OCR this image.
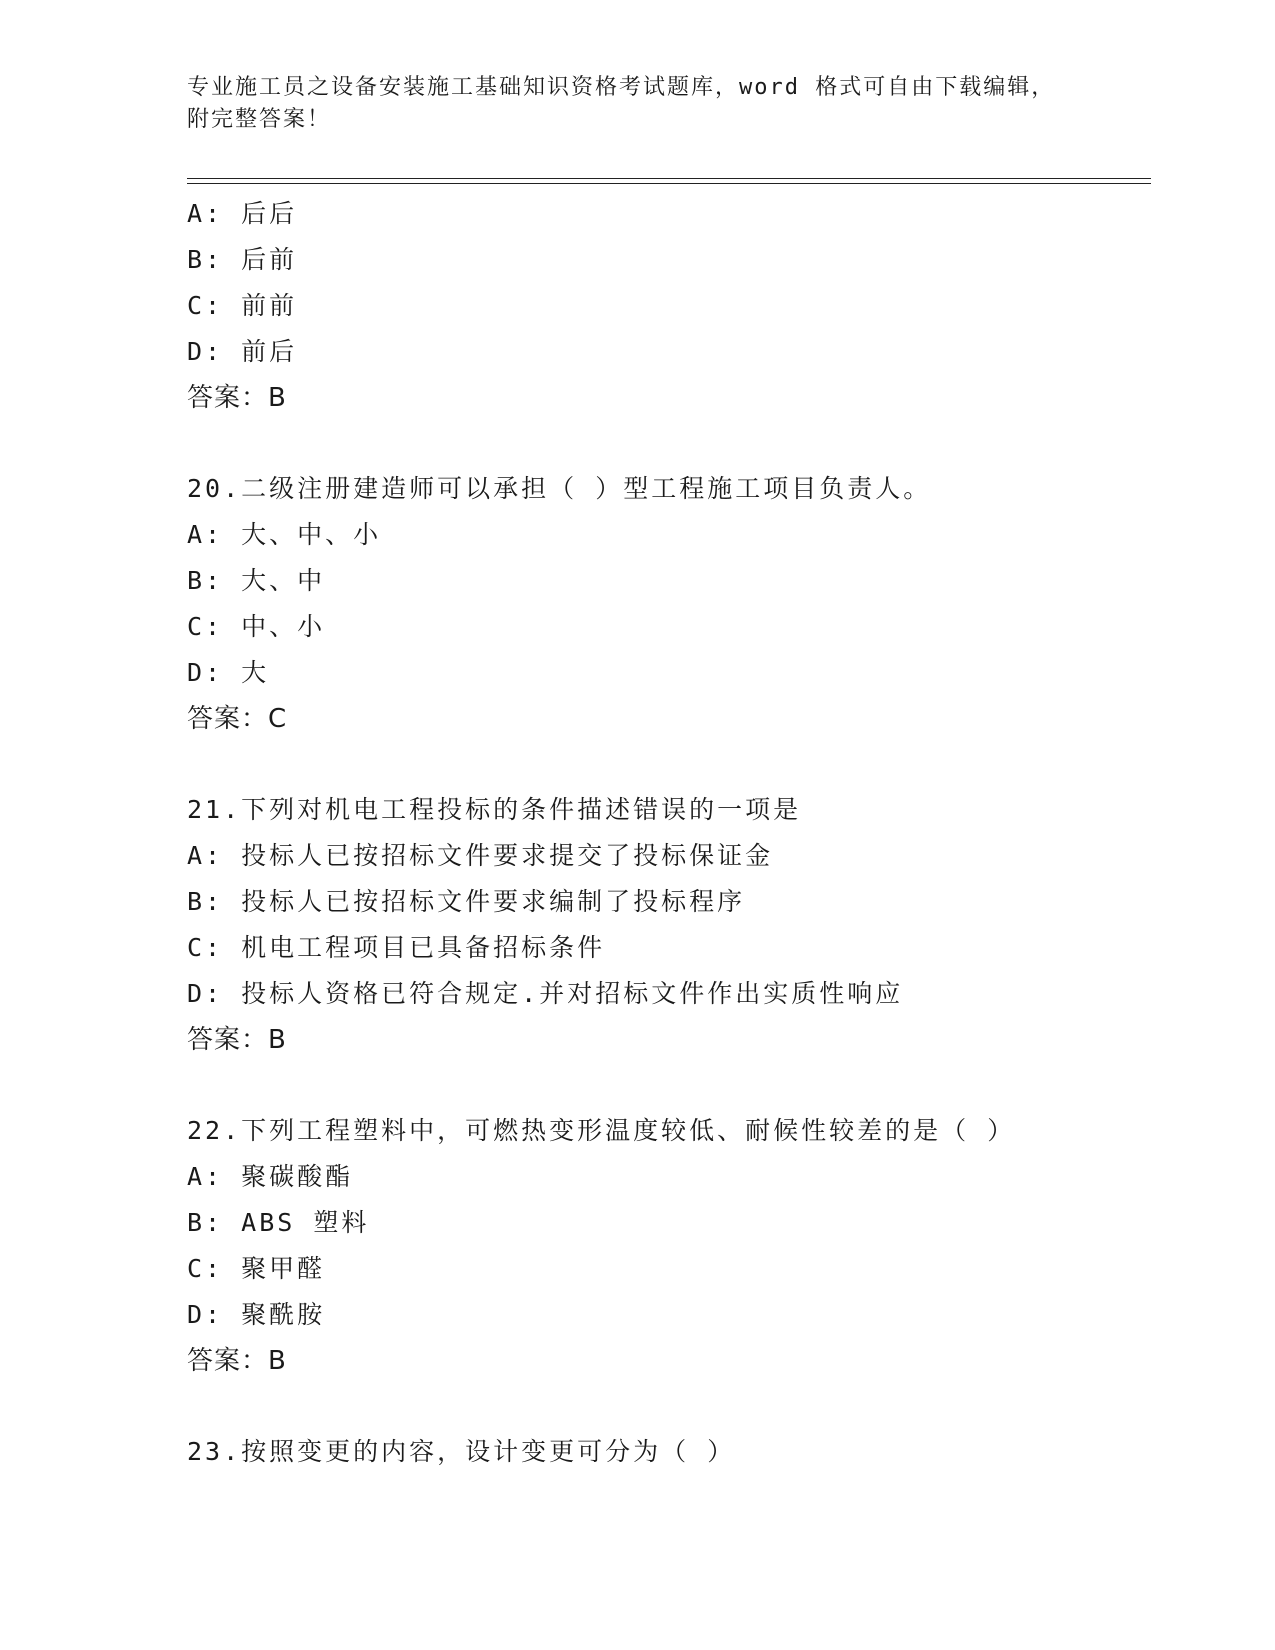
专业施工员之设备安装施工基础知识资格考试题库，word 格式可自由下载编辑，
附完整答案！
A: 后后
B: 后前
C: 前前
D: 前后
答案：B
20.二级注册建造师可以承担（ ）型工程施工项目负责人。
A: 大、中、小
B: 大、中
C: 中、小
D: 大
答案：C
21.下列对机电工程投标的条件描述错误的一项是
A: 投标人已按招标文件要求提交了投标保证金
B: 投标人已按招标文件要求编制了投标程序
C: 机电工程项目已具备招标条件
D: 投标人资格已符合规定.并对招标文件作出实质性响应
答案：B
22.下列工程塑料中，可燃热变形温度较低、耐候性较差的是（ ）
A: 聚碳酸酯
B: ABS 塑料
C: 聚甲醛
D: 聚酰胺
答案：B
23.按照变更的内容，设计变更可分为（ ）
